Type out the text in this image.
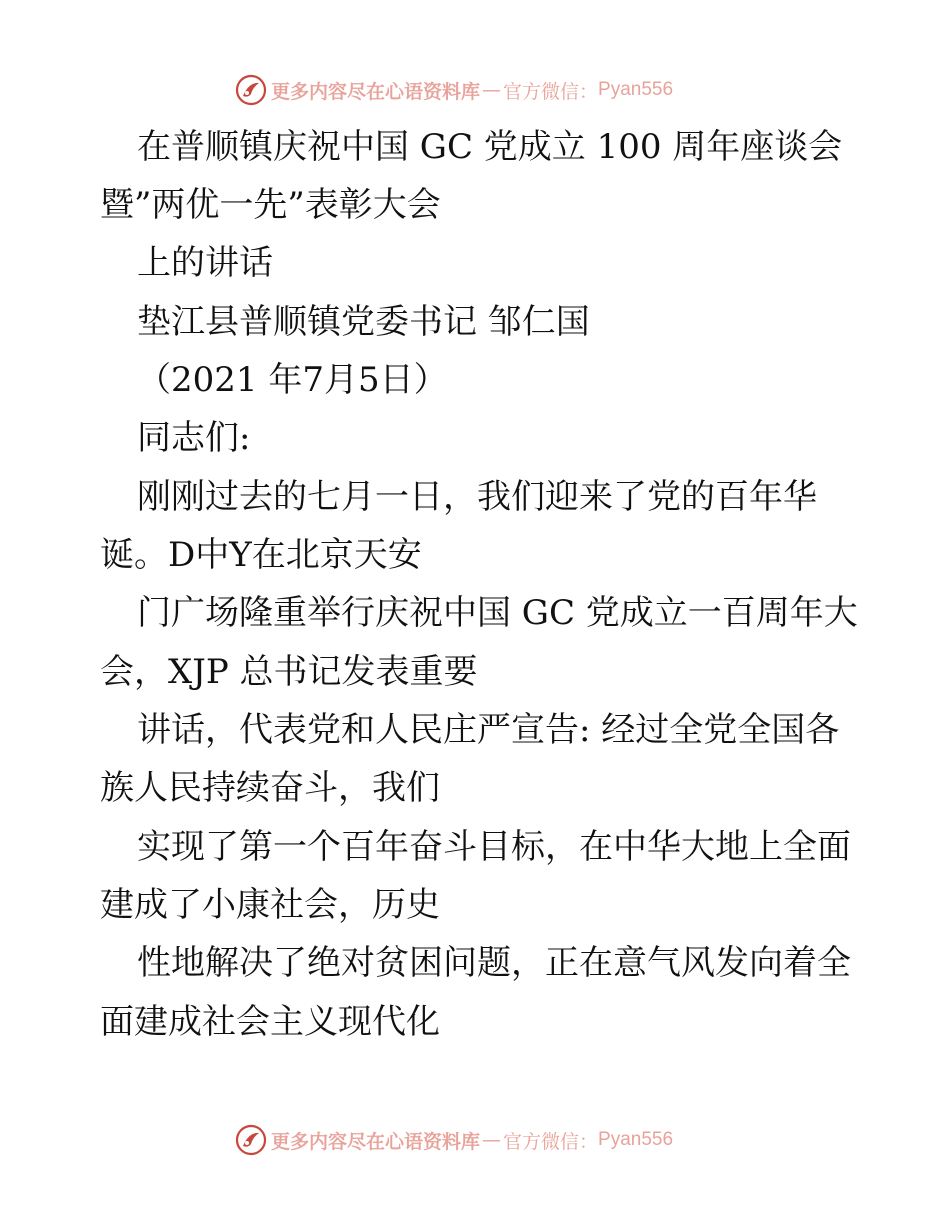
更多内容尽在心语资料库 — 官方微信： Pyan556
在普顺镇庆祝中国 GC 党成立 100 周年座谈会
暨”两优一先”表彰大会
上的讲话
垫江县普顺镇党委书记 邹仁国
（2021 年7月5日）
同志们:
刚刚过去的七月一日，我们迎来了党的百年华
诞。D中Y在北京天安
门广场隆重举行庆祝中国 GC 党成立一百周年大
会，XJP 总书记发表重要
讲话，代表党和人民庄严宣告: 经过全党全国各
族人民持续奋斗，我们
实现了第一个百年奋斗目标，在中华大地上全面
建成了小康社会，历史
性地解决了绝对贫困问题，正在意气风发向着全
面建成社会主义现代化
更多内容尽在心语资料库 — 官方微信： Pyan556
